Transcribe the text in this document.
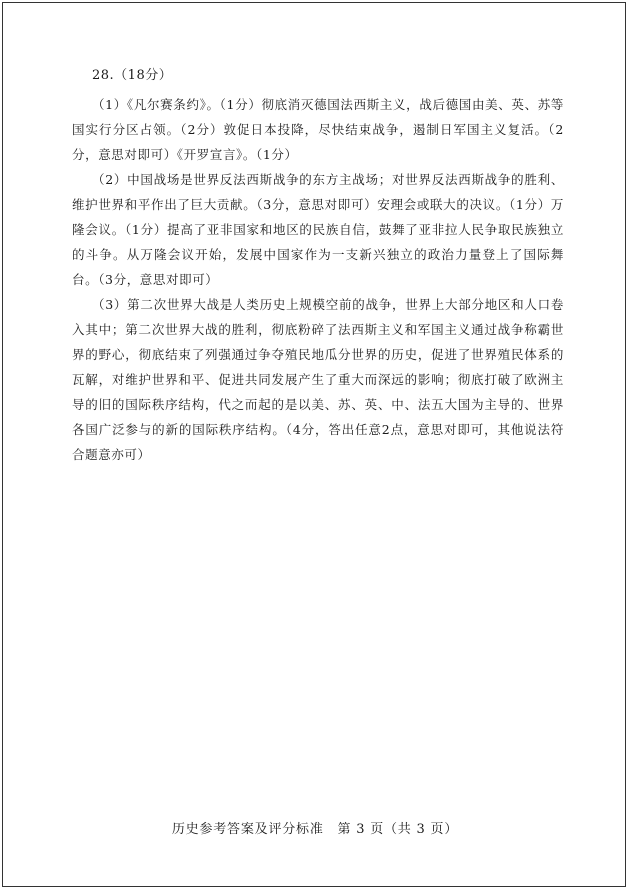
28.（18分）

（1）《凡尔赛条约》。（1分）彻底消灭德国法西斯主义，战后德国由美、英、苏等国实行分区占领。（2分）敦促日本投降，尽快结束战争，遏制日军国主义复活。（2分，意思对即可）《开罗宣言》。（1分）

（2）中国战场是世界反法西斯战争的东方主战场；对世界反法西斯战争的胜利、维护世界和平作出了巨大贡献。（3分，意思对即可）安理会或联大的决议。（1分）万隆会议。（1分）提高了亚非国家和地区的民族自信，鼓舞了亚非拉人民争取民族独立的斗争。从万隆会议开始，发展中国家作为一支新兴独立的政治力量登上了国际舞台。（3分，意思对即可）

（3）第二次世界大战是人类历史上规模空前的战争，世界上大部分地区和人口卷入其中；第二次世界大战的胜利，彻底粉碎了法西斯主义和军国主义通过战争称霸世界的野心，彻底结束了列强通过争夺殖民地瓜分世界的历史，促进了世界殖民体系的瓦解，对维护世界和平、促进共同发展产生了重大而深远的影响；彻底打破了欧洲主导的旧的国际秩序结构，代之而起的是以美、苏、英、中、法五大国为主导的、世界各国广泛参与的新的国际秩序结构。（4分，答出任意2点，意思对即可，其他说法符合题意亦可）

历史参考答案及评分标准　第 3 页（共 3 页）
